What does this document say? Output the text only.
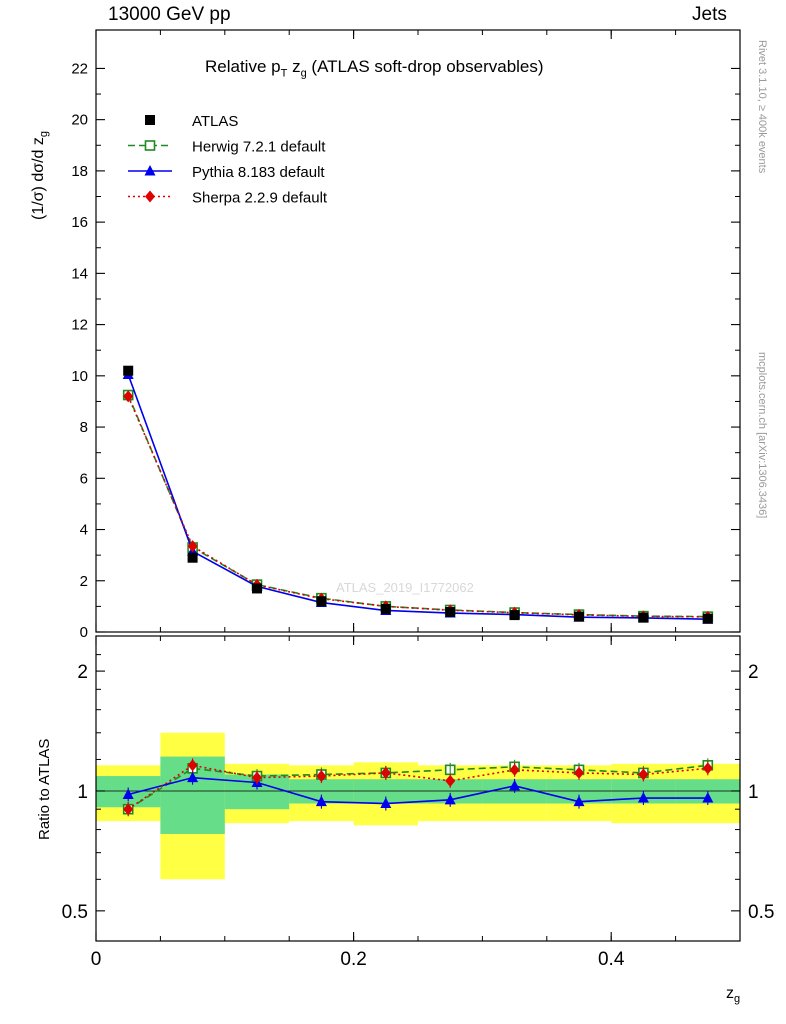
13000 GeV pp	Jets
Rivet 3.1.10, ≥ 400k events
mcplots.cern.ch [arXiv:1306.3436]
(1/σ) dσ/d $z_g$
Ratio to ATLAS
Relative $p_T$ $z_g$ (ATLAS soft-drop observables)
$z_g$
ATLAS_2019_I1772062
0
2
4
6
8
10
12
14
16
18
20
22
0.5	0.5
1	1
2	2
0	0.2	0.4
ATLAS
Herwig 7.2.1 default
Pythia 8.183 default
Sherpa 2.2.9 default
